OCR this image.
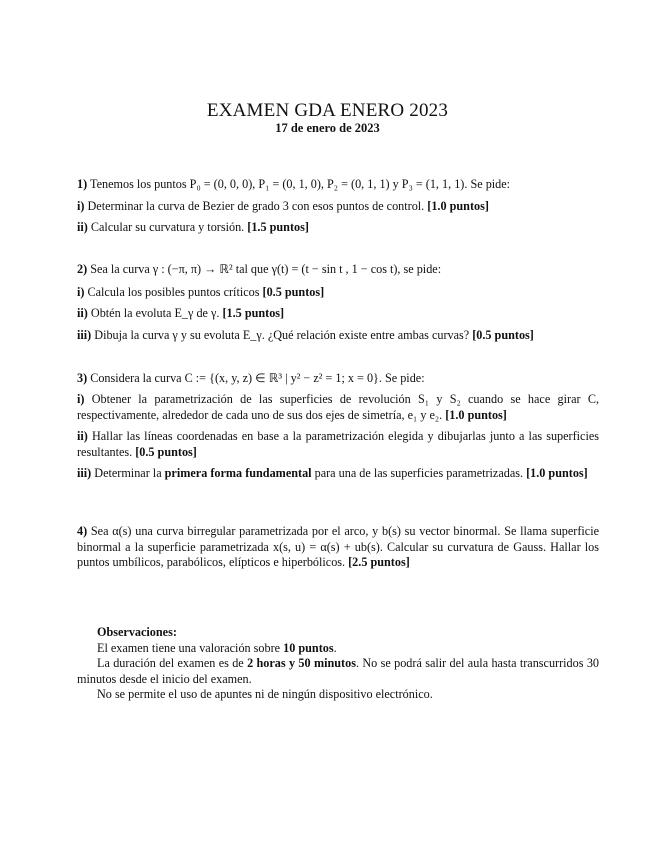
EXAMEN GDA ENERO 2023
17 de enero de 2023
1) Tenemos los puntos P₀ = (0, 0, 0), P₁ = (0, 1, 0), P₂ = (0, 1, 1) y P₃ = (1, 1, 1). Se pide:
i) Determinar la curva de Bezier de grado 3 con esos puntos de control. [1.0 puntos]
ii) Calcular su curvatura y torsión. [1.5 puntos]
2) Sea la curva γ : (−π, π) → ℝ² tal que γ(t) = (t − sin t , 1 − cos t), se pide:
i) Calcula los posibles puntos críticos [0.5 puntos]
ii) Obtén la evoluta E_γ de γ. [1.5 puntos]
iii) Dibuja la curva γ y su evoluta E_γ. ¿Qué relación existe entre ambas curvas? [0.5 puntos]
3) Considera la curva C := {(x, y, z) ∈ ℝ³ | y² − z² = 1; x = 0}. Se pide:
i) Obtener la parametrización de las superficies de revolución S₁ y S₂ cuando se hace girar C, respectivamente, alrededor de cada uno de sus dos ejes de simetría, e₁ y e₂. [1.0 puntos]
ii) Hallar las líneas coordenadas en base a la parametrización elegida y dibujarlas junto a las superficies resultantes. [0.5 puntos]
iii) Determinar la primera forma fundamental para una de las superficies parametrizadas. [1.0 puntos]
4) Sea α(s) una curva birregular parametrizada por el arco, y b(s) su vector binormal. Se llama superficie binormal a la superficie parametrizada x(s, u) = α(s) + ub(s). Calcular su curvatura de Gauss. Hallar los puntos umbílicos, parabólicos, elípticos e hiperbólicos. [2.5 puntos]
Observaciones:
El examen tiene una valoración sobre 10 puntos.
La duración del examen es de 2 horas y 50 minutos. No se podrá salir del aula hasta transcurridos 30 minutos desde el inicio del examen.
No se permite el uso de apuntes ni de ningún dispositivo electrónico.
